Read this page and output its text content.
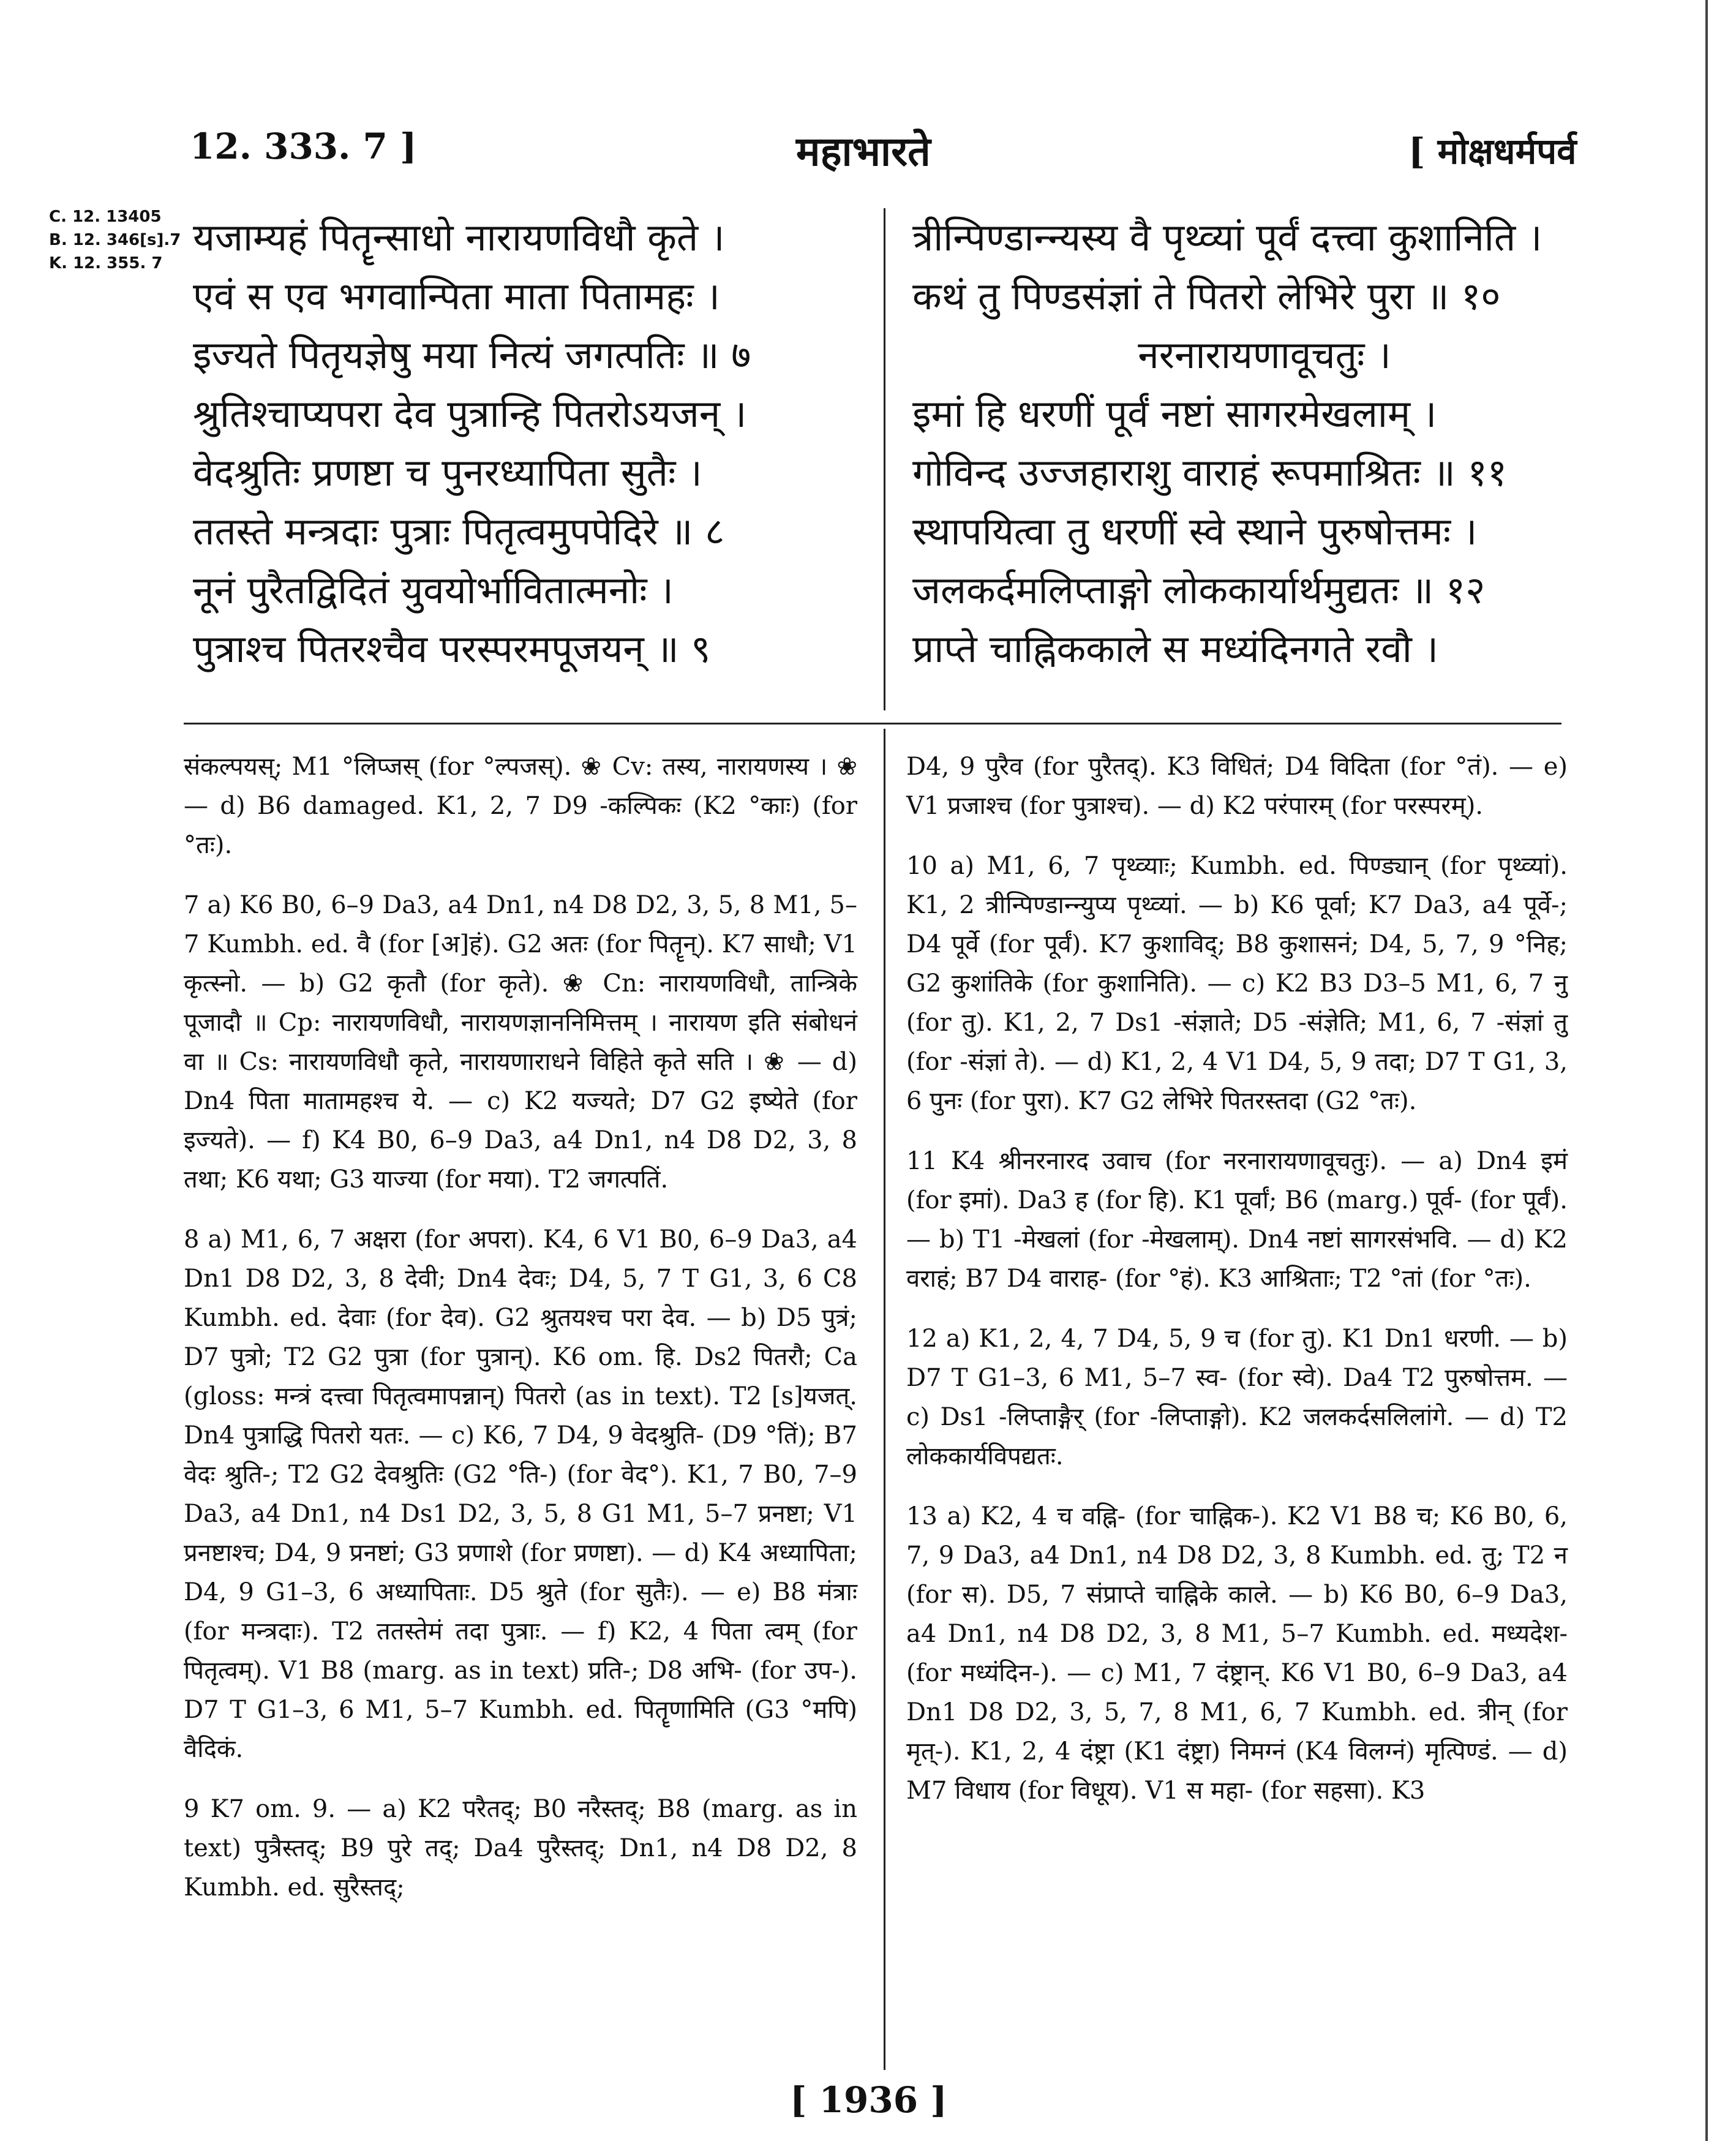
12. 333. 7 ]	महाभारते	[ मोक्षधर्मपर्व
C. 12. 13405
B. 12. 346[s].7
K. 12. 355. 7
यजाम्यहं पितॄन्साधो नारायणविधौ कृते ।
एवं स एव भगवान्पिता माता पितामहः ।
इज्यते पितृयज्ञेषु मया नित्यं जगत्पतिः ॥ ७
श्रुतिश्चाप्यपरा देव पुत्रान्हि पितरोऽयजन् ।
वेदश्रुतिः प्रणष्टा च पुनरध्यापिता सुतैः ।
ततस्ते मन्त्रदाः पुत्राः पितृत्वमुपपेदिरे ॥ ८
नूनं पुरैतद्विदितं युवयोर्भावितात्मनोः ।
पुत्राश्च पितरश्चैव परस्परमपूजयन् ॥ ९
त्रीन्पिण्डान्न्यस्य वै पृथ्व्यां पूर्वं दत्त्वा कुशानिति ।
कथं तु पिण्डसंज्ञां ते पितरो लेभिरे पुरा ॥ १०
नरनारायणावूचतुः ।
इमां हि धरणीं पूर्वं नष्टां सागरमेखलाम् ।
गोविन्द उज्जहाराशु वाराहं रूपमाश्रितः ॥ ११
स्थापयित्वा तु धरणीं स्वे स्थाने पुरुषोत्तमः ।
जलकर्दमलिप्ताङ्गो लोककार्यार्थमुद्यतः ॥ १२
प्राप्ते चाह्निककाले स मध्यंदिनगते रवौ ।

संकल्पयस्; M1 °लिप्जस् (for °ल्पजस्). ❀ Cv: तस्य, नारायणस्य । ❀ — d) B6 damaged. K1, 2, 7 D9 -कल्पिकः (K2 °काः) (for °तः).

7 a) K6 B0, 6–9 Da3, a4 Dn1, n4 D8 D2, 3, 5, 8 M1, 5–7 Kumbh. ed. वै (for [अ]हं). G2 अतः (for पितॄन्). K7 साधौ; V1 कृत्स्नो. — b) G2 कृतौ (for कृते). ❀ Cn: नारायणविधौ, तान्त्रिके पूजादौ ॥ Cp: नारायणविधौ, नारायणज्ञाननिमित्तम् । नारायण इति संबोधनं वा ॥ Cs: नारायणविधौ कृते, नारायणाराधने विहिते कृते सति । ❀ — d) Dn4 पिता मातामहश्च ये. — c) K2 यज्यते; D7 G2 इष्येते (for इज्यते). — f) K4 B0, 6–9 Da3, a4 Dn1, n4 D8 D2, 3, 8 तथा; K6 यथा; G3 याज्या (for मया). T2 जगत्पतिं.

8 a) M1, 6, 7 अक्षरा (for अपरा). K4, 6 V1 B0, 6–9 Da3, a4 Dn1 D8 D2, 3, 8 देवी; Dn4 देवः; D4, 5, 7 T G1, 3, 6 C8 Kumbh. ed. देवाः (for देव). G2 श्रुतयश्च परा देव. — b) D5 पुत्रं; D7 पुत्रो; T2 G2 पुत्रा (for पुत्रान्). K6 om. हि. Ds2 पितरौ; Ca (gloss: मन्त्रं दत्त्वा पितृत्वमापन्नान्) पितरो (as in text). T2 [s]यजत्. Dn4 पुत्राद्धि पितरो यतः. — c) K6, 7 D4, 9 वेदश्रुति- (D9 °तिं); B7 वेदः श्रुति-; T2 G2 देवश्रुतिः (G2 °ति-) (for वेद°). K1, 7 B0, 7–9 Da3, a4 Dn1, n4 Ds1 D2, 3, 5, 8 G1 M1, 5–7 प्रनष्टा; V1 प्रनष्टाश्च; D4, 9 प्रनष्टां; G3 प्रणाशे (for प्रणष्टा). — d) K4 अध्यापिता; D4, 9 G1–3, 6 अध्यापिताः. D5 श्रुते (for सुतैः). — e) B8 मंत्राः (for मन्त्रदाः). T2 ततस्तेमं तदा पुत्राः. — f) K2, 4 पिता त्वम् (for पितृत्वम्). V1 B8 (marg. as in text) प्रति-; D8 अभि- (for उप-). D7 T G1–3, 6 M1, 5–7 Kumbh. ed. पितॄणामिति (G3 °मपि) वैदिकं.

9 K7 om. 9. — a) K2 परैतद्; B0 नरैस्तद्; B8 (marg. as in text) पुत्रैस्तद्; B9 पुरे तद्; Da4 पुरैस्तद्; Dn1, n4 D8 D2, 8 Kumbh. ed. सुरैस्तद्;

D4, 9 पुरैव (for पुरैतद्). K3 विधितं; D4 विदिता (for °तं). — e) V1 प्रजाश्च (for पुत्राश्च). — d) K2 परंपारम् (for परस्परम्).

10 a) M1, 6, 7 पृथ्व्याः; Kumbh. ed. पिण्ड्यान् (for पृथ्व्यां). K1, 2 त्रीन्पिण्डान्न्युप्य पृथ्व्यां. — b) K6 पूर्वा; K7 Da3, a4 पूर्वे-; D4 पूर्वे (for पूर्वं). K7 कुशाविद्; B8 कुशासनं; D4, 5, 7, 9 °निह; G2 कुशांतिके (for कुशानिति). — c) K2 B3 D3–5 M1, 6, 7 नु (for तु). K1, 2, 7 Ds1 -संज्ञाते; D5 -संज्ञेति; M1, 6, 7 -संज्ञां तु (for -संज्ञां ते). — d) K1, 2, 4 V1 D4, 5, 9 तदा; D7 T G1, 3, 6 पुनः (for पुरा). K7 G2 लेभिरे पितरस्तदा (G2 °तः).

11 K4 श्रीनरनारद उवाच (for नरनारायणावूचतुः). — a) Dn4 इमं (for इमां). Da3 ह (for हि). K1 पूर्वां; B6 (marg.) पूर्व- (for पूर्वं). — b) T1 -मेखलां (for -मेखलाम्). Dn4 नष्टां सागरसंभवि. — d) K2 वराहं; B7 D4 वाराह- (for °हं). K3 आश्रिताः; T2 °तां (for °तः).

12 a) K1, 2, 4, 7 D4, 5, 9 च (for तु). K1 Dn1 धरणी. — b) D7 T G1–3, 6 M1, 5–7 स्व- (for स्वे). Da4 T2 पुरुषोत्तम. — c) Ds1 -लिप्ताङ्गैर् (for -लिप्ताङ्गो). K2 जलकर्दसलिलांगे. — d) T2 लोककार्यविपद्यतः.

13 a) K2, 4 च वह्नि- (for चाह्निक-). K2 V1 B8 च; K6 B0, 6, 7, 9 Da3, a4 Dn1, n4 D8 D2, 3, 8 Kumbh. ed. तु; T2 न (for स). D5, 7 संप्राप्ते चाह्निके काले. — b) K6 B0, 6–9 Da3, a4 Dn1, n4 D8 D2, 3, 8 M1, 5–7 Kumbh. ed. मध्यदेश- (for मध्यंदिन-). — c) M1, 7 दंष्ट्रान्. K6 V1 B0, 6–9 Da3, a4 Dn1 D8 D2, 3, 5, 7, 8 M1, 6, 7 Kumbh. ed. त्रीन् (for मृत्-). K1, 2, 4 दंष्ट्रा (K1 दंष्ट्रा) निमग्नं (K4 विलग्नं) मृत्पिण्डं. — d) M7 विधाय (for विधूय). V1 स महा- (for सहसा). K3

[ 1936 ]
